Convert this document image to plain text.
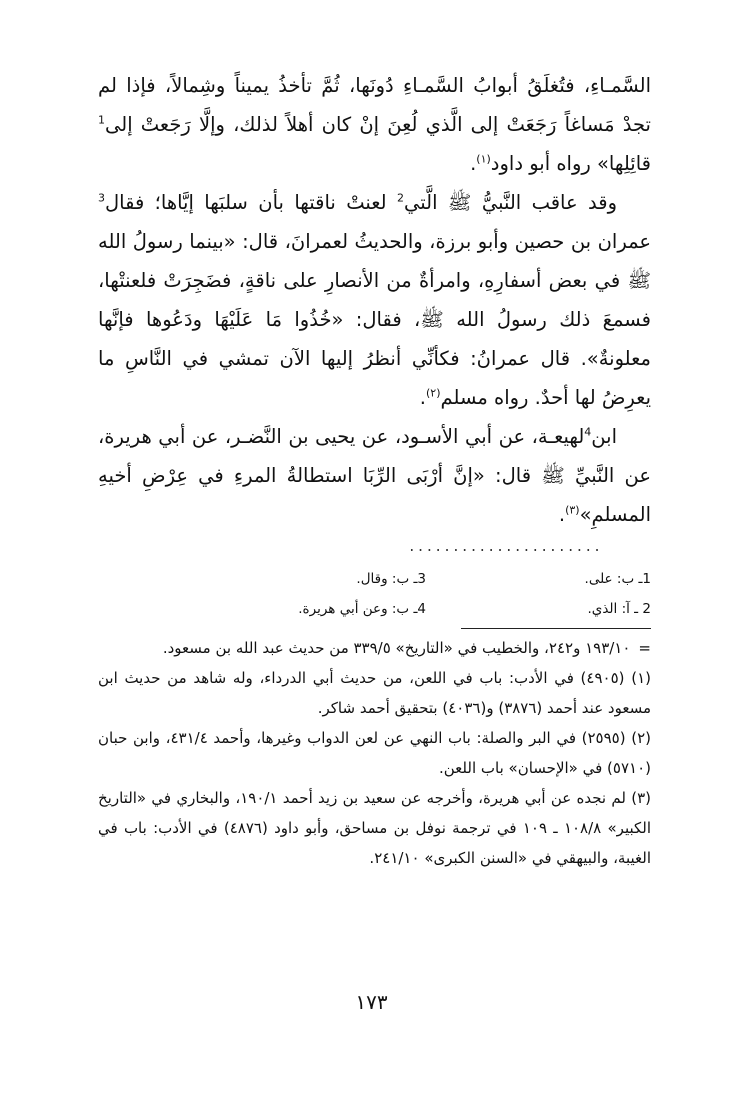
السَّمـاءِ، فتُغلَقُ أبوابُ السَّمـاءِ دُونَها، ثُمَّ تأخذُ يميناً وشِمالاً، فإذا لم تجدْ مَساغاً رَجَعَتْ إلى الَّذي لُعِنَ إنْ كان أهلاً لذلك، وإلَّا رَجَعتْ إلى$^1$ قائِلِها» رواه أبو داود$^{(١)}$.

وقد عاقب النَّبيُّ ﷺ الَّتي$^2$ لعنتْ ناقتها بأن سلبَها إيَّاها؛ فقال$^3$ عمران بن حصين وأبو برزة، والحديثُ لعمرانَ، قال: «بينما رسولُ الله ﷺ في بعض أسفارِهِ، وامرأةٌ من الأنصارِ على ناقةٍ، فضَجِرَتْ فلعنتْها، فسمعَ ذلك رسولُ الله ﷺ، فقال: «خُذُوا مَا عَلَيْهَا ودَعُوها فإنَّها معلونةٌ». قال عمرانُ: فكأنِّي أنظرُ إليها الآن تمشي في النَّاسِ ما يعرِضُ لها أحدٌ. رواه مسلم$^{(٢)}$.

ابن$^4$لهيعـة، عن أبي الأسـود، عن يحيى بن النَّضـر، عن أبي هريرة، عن النَّبيِّ ﷺ قال: «إنَّ أرْبَى الرِّبَا استطالةُ المرءِ في عِرْضِ أخيهِ المسلمِ»$^{(٣)}$.

......................
1ـ ب: على.
3ـ ب: وقال.
2 ـ آ: الذي.
4ـ ب: وعن أبي هريرة.

=١٩٣/١٠ و٢٤٢، والخطيب في «التاريخ» ٣٣٩/٥ من حديث عبد الله بن مسعود.

(١) (٤٩٠٥) في الأدب: باب في اللعن، من حديث أبي الدرداء، وله شاهد من حديث ابن مسعود عند أحمد (٣٨٧٦) و(٤٠٣٦) بتحقيق أحمد شاكر.

(٢) (٢٥٩٥) في البر والصلة: باب النهي عن لعن الدواب وغيرها، وأحمد ٤٣١/٤، وابن حبان (٥٧١٠) في «الإحسان» باب اللعن.

(٣) لم نجده عن أبي هريرة، وأخرجه عن سعيد بن زيد أحمد ١٩٠/١، والبخاري في «التاريخ الكبير» ١٠٨/٨ ـ ١٠٩ في ترجمة نوفل بن مساحق، وأبو داود (٤٨٧٦) في الأدب: باب في الغيبة، والبيهقي في «السنن الكبرى» ٢٤١/١٠.

١٧٣
